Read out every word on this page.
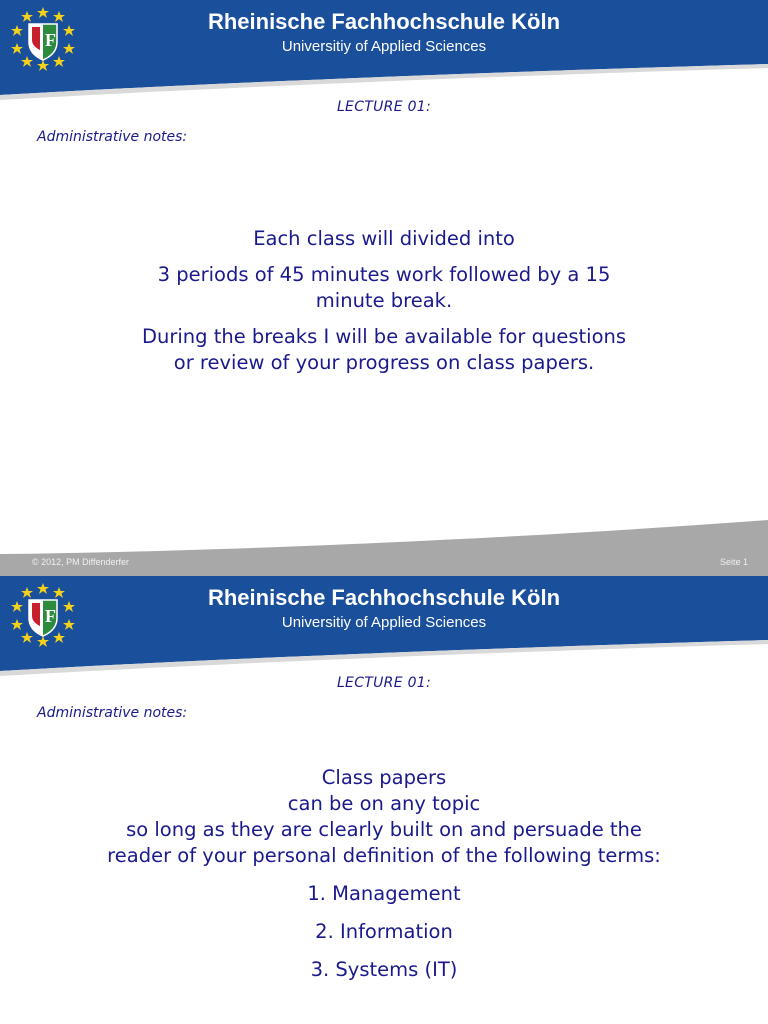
F
Rheinische Fachhochschule Köln
Universitiy of Applied Sciences
LECTURE 01:
Administrative notes:

Each class will divided into

3 periods of 45 minutes work followed by a 15 minute break.

During the breaks I will be available for questions or review of your progress on class papers.

© 2012, PM Diffenderfer	Seite 1
F
Rheinische Fachhochschule Köln
Universitiy of Applied Sciences
LECTURE 01:
Administrative notes:

Class papers

can be on any topic

so long as they are clearly built on and persuade the reader of your personal definition of the following terms:

1. Management

2. Information

3. Systems (IT)
